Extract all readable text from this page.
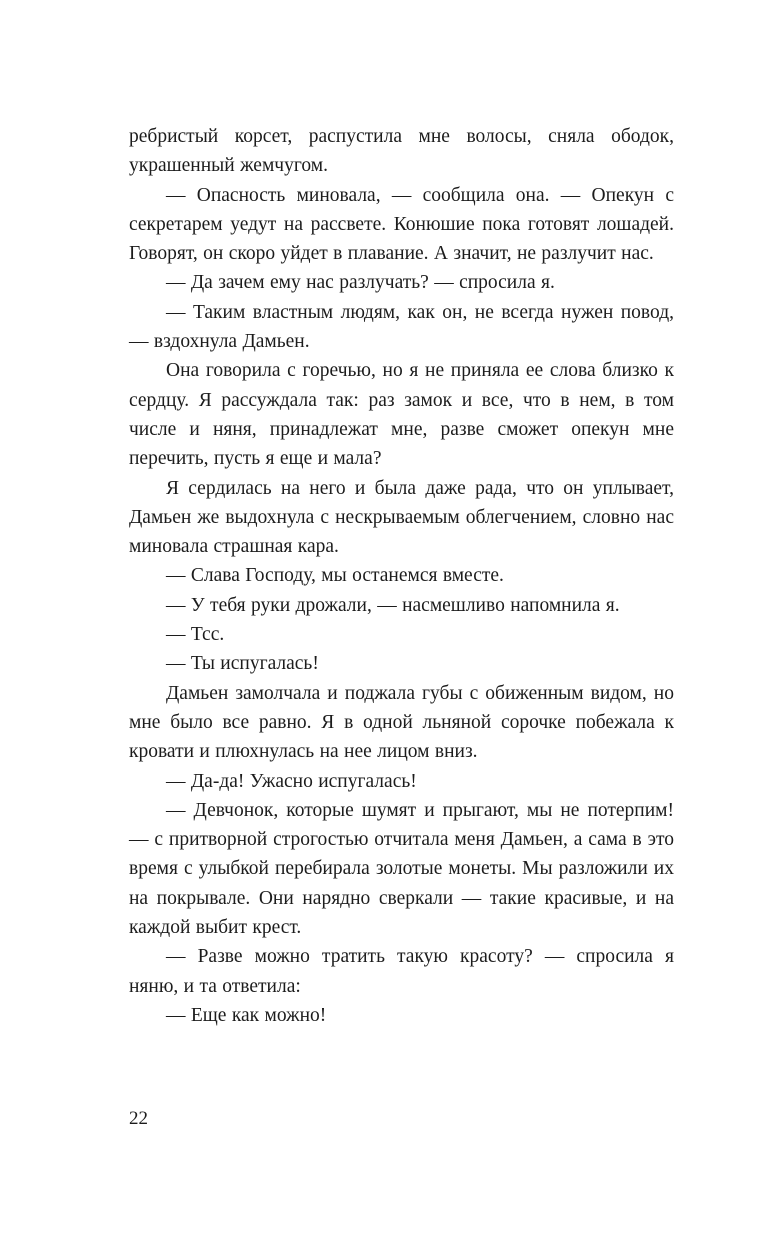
ребристый корсет, распустила мне волосы, сняла ободок, украшенный жемчугом.

— Опасность миновала, — сообщила она. — Опекун с секретарем уедут на рассвете. Конюшие пока готовят лошадей. Говорят, он скоро уйдет в плавание. А значит, не разлучит нас.

— Да зачем ему нас разлучать? — спросила я.

— Таким властным людям, как он, не всегда нужен повод, — вздохнула Дамьен.

Она говорила с горечью, но я не приняла ее слова близко к сердцу. Я рассуждала так: раз замок и все, что в нем, в том числе и няня, принадлежат мне, разве сможет опекун мне перечить, пусть я еще и мала?

Я сердилась на него и была даже рада, что он уплывает, Дамьен же выдохнула с нескрываемым облегчением, словно нас миновала страшная кара.

— Слава Господу, мы останемся вместе.

— У тебя руки дрожали, — насмешливо напомнила я.

— Тсс.

— Ты испугалась!

Дамьен замолчала и поджала губы с обиженным видом, но мне было все равно. Я в одной льняной сорочке побежала к кровати и плюхнулась на нее лицом вниз.

— Да-да! Ужасно испугалась!

— Девчонок, которые шумят и прыгают, мы не потерпим! — с притворной строгостью отчитала меня Дамьен, а сама в это время с улыбкой перебирала золотые монеты. Мы разложили их на покрывале. Они нарядно сверкали — такие красивые, и на каждой выбит крест.

— Разве можно тратить такую красоту? — спросила я няню, и та ответила:

— Еще как можно!

22
